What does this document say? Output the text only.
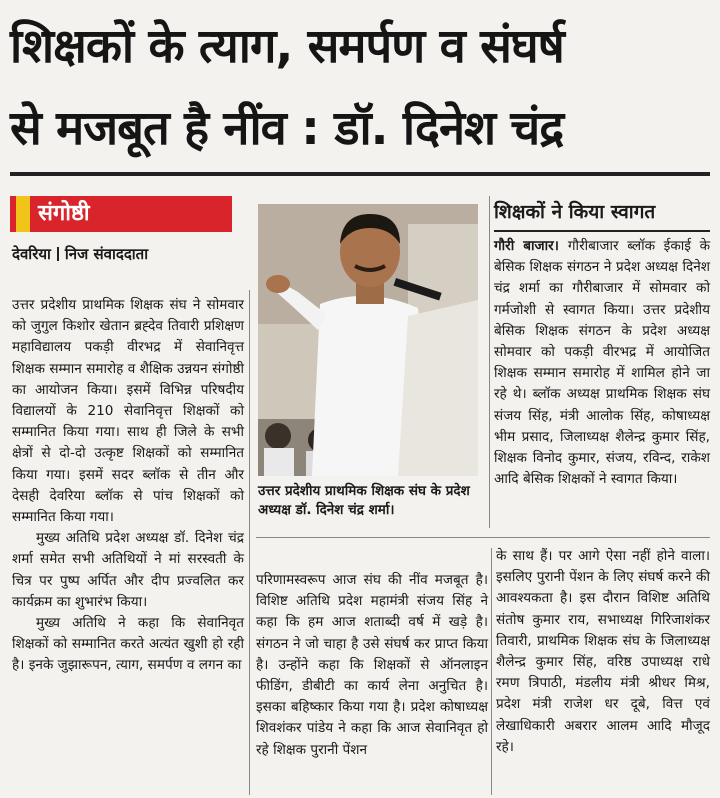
शिक्षकों के त्याग, समर्पण व संघर्ष
से मजबूत है नींव : डॉ. दिनेश चंद्र
संगोष्ठी
देवरिया निज संवाददाता

उत्तर प्रदेशीय प्राथमिक शिक्षक संघ ने सोमवार को जुगुल किशोर खेतान ब्रह्देव तिवारी प्रशिक्षण महाविद्यालय पकड़ी वीरभद्र में सेवानिवृत्त शिक्षक सम्मान समारोह व शैक्षिक उन्नयन संगोष्ठी का आयोजन किया। इसमें विभिन्न परिषदीय विद्यालयों के 210 सेवानिवृत्त शिक्षकों को सम्मानित किया गया। साथ ही जिले के सभी क्षेत्रों से दो-दो उत्कृष्ट शिक्षकों को सम्मानित किया गया। इसमें सदर ब्लॉक से तीन और देसही देवरिया ब्लॉक से पांच शिक्षकों को सम्मानित किया गया।

मुख्य अतिथि प्रदेश अध्यक्ष डॉ. दिनेश चंद्र शर्मा समेत सभी अतिथियों ने मां सरस्वती के चित्र पर पुष्प अर्पित और दीप प्रज्वलित कर कार्यक्रम का शुभारंभ किया।

मुख्य अतिथि ने कहा कि सेवानिवृत शिक्षकों को सम्मानित करते अत्यंत खुशी हो रही है। इनके जुझारूपन, त्याग, समर्पण व लगन का

उत्तर प्रदेशीय प्राथमिक शिक्षक संघ के प्रदेश अध्यक्ष डॉ. दिनेश चंद्र शर्मा।
शिक्षकों ने किया स्वागत

गौरी बाजार। गौरीबाजार ब्लॉक ईकाई के बेसिक शिक्षक संगठन ने प्रदेश अध्यक्ष दिनेश चंद्र शर्मा का गौरीबाजार में सोमवार को गर्मजोशी से स्वागत किया। उत्तर प्रदेशीय बेसिक शिक्षक संगठन के प्रदेश अध्यक्ष सोमवार को पकड़ी वीरभद्र में आयोजित शिक्षक सम्मान समारोह में शामिल होने जा रहे थे। ब्लॉक अध्यक्ष प्राथमिक शिक्षक संघ संजय सिंह, मंत्री आलोक सिंह, कोषाध्यक्ष भीम प्रसाद, जिलाध्यक्ष शैलेन्द्र कुमार सिंह, शिक्षक विनोद कुमार, संजय, रविन्द, राकेश आदि बेसिक शिक्षकों ने स्वागत किया।

परिणामस्वरूप आज संघ की नींव मजबूत है। विशिष्ट अतिथि प्रदेश महामंत्री संजय सिंह ने कहा कि हम आज शताब्दी वर्ष में खड़े है। संगठन ने जो चाहा है उसे संघर्ष कर प्राप्त किया है। उन्होंने कहा कि शिक्षकों से ऑनलाइन फीडिंग, डीबीटी का कार्य लेना अनुचित है। इसका बहिष्कार किया गया है। प्रदेश कोषाध्यक्ष शिवशंकर पांडेय ने कहा कि आज सेवानिवृत हो रहे शिक्षक पुरानी पेंशन
के साथ हैं। पर आगे ऐसा नहीं होने वाला। इसलिए पुरानी पेंशन के लिए संघर्ष करने की आवश्यकता है। इस दौरान विशिष्ट अतिथि संतोष कुमार राय, सभाध्यक्ष गिरिजाशंकर तिवारी, प्राथमिक शिक्षक संघ के जिलाध्यक्ष शैलेन्द्र कुमार सिंह, वरिष्ठ उपाध्यक्ष राधे रमण त्रिपाठी, मंडलीय मंत्री श्रीधर मिश्र, प्रदेश मंत्री राजेश धर दूबे, वित्त एवं लेखाधिकारी अबरार आलम आदि मौजूद रहे।
